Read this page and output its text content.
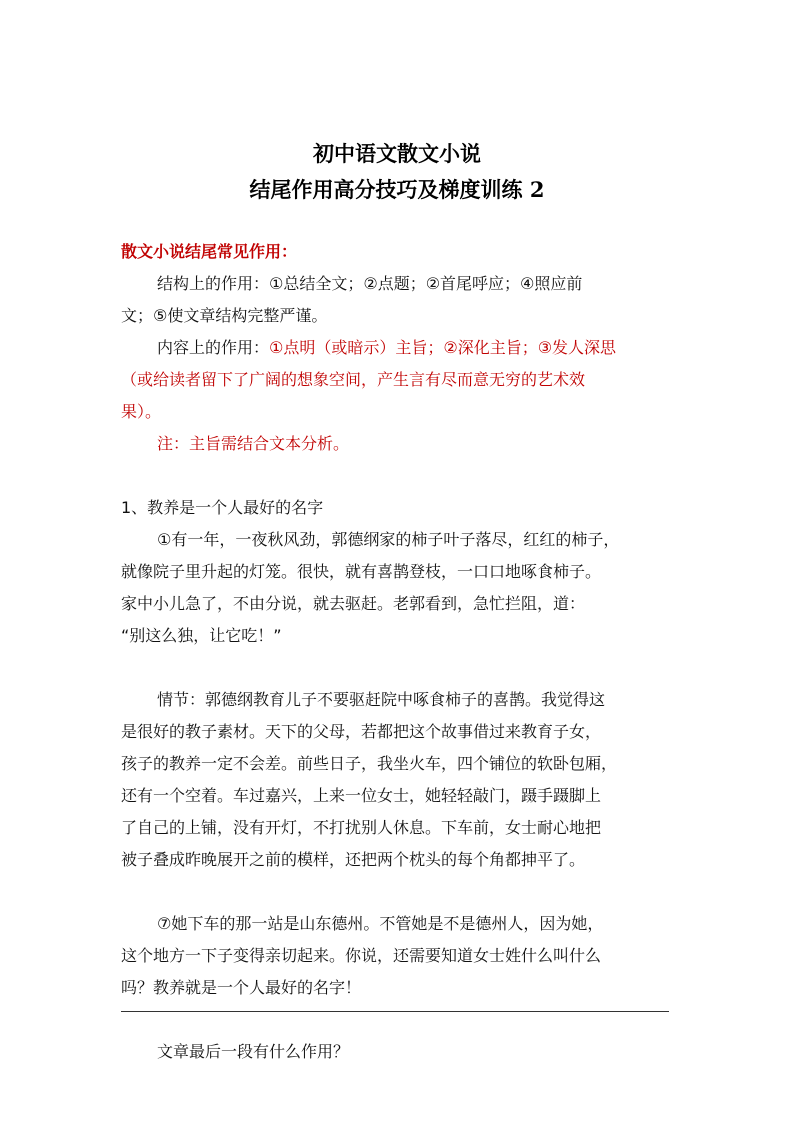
初中语文散文小说
结尾作用高分技巧及梯度训练 2
散文小说结尾常见作用：
结构上的作用：①总结全文；②点题；②首尾呼应；④照应前
文；⑤使文章结构完整严谨。
内容上的作用：①点明（或暗示）主旨；②深化主旨；③发人深思
（或给读者留下了广阔的想象空间，产生言有尽而意无穷的艺术效
果）。
注：主旨需结合文本分析。
1、教养是一个人最好的名字
①有一年，一夜秋风劲，郭德纲家的柿子叶子落尽，红红的柿子，
就像院子里升起的灯笼。很快，就有喜鹊登枝，一口口地啄食柿子。
家中小儿急了，不由分说，就去驱赶。老郭看到，急忙拦阻，道：
“别这么独，让它吃！”
情节：郭德纲教育儿子不要驱赶院中啄食柿子的喜鹊。我觉得这
是很好的教子素材。天下的父母，若都把这个故事借过来教育子女，
孩子的教养一定不会差。前些日子，我坐火车，四个铺位的软卧包厢，
还有一个空着。车过嘉兴，上来一位女士，她轻轻敲门，蹑手蹑脚上
了自己的上铺，没有开灯，不打扰别人休息。下车前，女士耐心地把
被子叠成昨晚展开之前的模样，还把两个枕头的每个角都抻平了。
⑦她下车的那一站是山东德州。不管她是不是德州人，因为她，
这个地方一下子变得亲切起来。你说，还需要知道女士姓什么叫什么
吗？教养就是一个人最好的名字！
文章最后一段有什么作用？
